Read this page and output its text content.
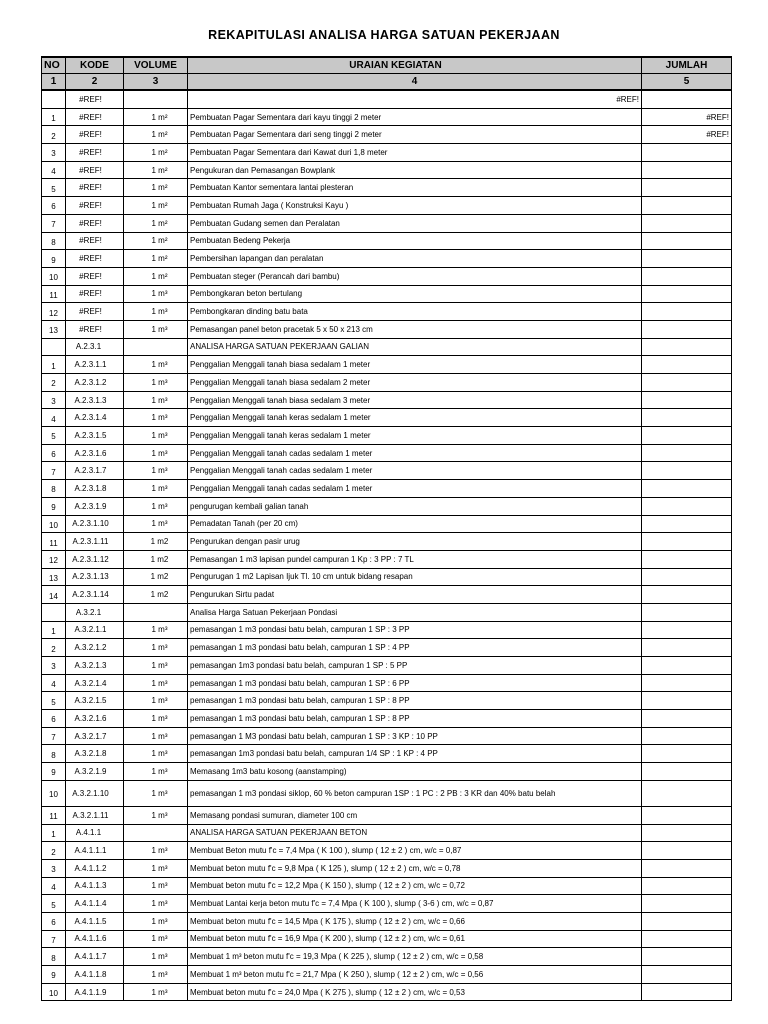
REKAPITULASI ANALISA HARGA SATUAN PEKERJAAN
NO	KODE	VOLUME	URAIAN KEGIATAN	JUMLAH
1	2	3	4	5
	#REF!		#REF!	
1	#REF!	1 m²	Pembuatan Pagar Sementara dari kayu tinggi 2 meter	#REF!
2	#REF!	1 m²	Pembuatan Pagar Sementara dari seng tinggi 2 meter	#REF!
3	#REF!	1 m²	Pembuatan Pagar Sementara dari Kawat duri 1,8 meter	
4	#REF!	1 m²	Pengukuran dan Pemasangan Bowplank	
5	#REF!	1 m²	Pembuatan Kantor sementara lantai plesteran	
6	#REF!	1 m²	Pembuatan Rumah Jaga ( Konstruksi Kayu )	
7	#REF!	1 m²	Pembuatan Gudang semen dan Peralatan	
8	#REF!	1 m²	Pembuatan Bedeng Pekerja	
9	#REF!	1 m²	Pembersihan lapangan dan peralatan	
10	#REF!	1 m²	Pembuatan steger (Perancah dari bambu)	
11	#REF!	1 m³	Pembongkaran beton bertulang	
12	#REF!	1 m³	Pembongkaran dinding batu bata	
13	#REF!	1 m³	Pemasangan panel beton pracetak 5 x 50 x 213 cm	
	A.2.3.1		ANALISA HARGA SATUAN PEKERJAAN GALIAN	
1	A.2.3.1.1	1 m³	Penggalian Menggali tanah biasa sedalam 1 meter	
2	A.2.3.1.2	1 m³	Penggalian Menggali tanah biasa sedalam 2 meter	
3	A.2.3.1.3	1 m³	Penggalian Menggali tanah biasa sedalam 3 meter	
4	A.2.3.1.4	1 m³	Penggalian Menggali tanah keras sedalam 1 meter	
5	A.2.3.1.5	1 m³	Penggalian Menggali tanah keras sedalam 1 meter	
6	A.2.3.1.6	1 m³	Penggalian Menggali tanah cadas sedalam 1 meter	
7	A.2.3.1.7	1 m³	Penggalian Menggali tanah cadas sedalam 1 meter	
8	A.2.3.1.8	1 m³	Penggalian Menggali tanah cadas sedalam 1 meter	
9	A.2.3.1.9	1 m³	pengurugan kembali galian tanah	
10	A.2.3.1.10	1 m³	Pemadatan Tanah (per 20 cm)	
11	A.2.3.1.11	1 m2	Pengurukan dengan pasir urug	
12	A.2.3.1.12	1 m2	Pemasangan 1 m3 lapisan pundel campuran 1 Kp : 3 PP : 7 TL	
13	A.2.3.1.13	1 m2	Pengurugan 1 m2 Lapisan Ijuk Tl. 10 cm untuk bidang resapan	
14	A.2.3.1.14	1 m2	Pengurukan Sirtu padat	
	A.3.2.1		Analisa Harga Satuan Pekerjaan Pondasi	
1	A.3.2.1.1	1 m³	pemasangan 1 m3 pondasi batu belah, campuran 1 SP : 3 PP	
2	A.3.2.1.2	1 m³	pemasangan 1 m3 pondasi batu belah, campuran 1 SP : 4 PP	
3	A.3.2.1.3	1 m³	pemasangan 1m3 pondasi batu belah, campuran 1 SP : 5 PP	
4	A.3.2.1.4	1 m³	pemasangan 1 m3 pondasi batu belah, campuran 1 SP : 6 PP	
5	A.3.2.1.5	1 m³	pemasangan 1 m3 pondasi batu belah, campuran 1 SP : 8 PP	
6	A.3.2.1.6	1 m³	pemasangan 1 m3 pondasi batu belah, campuran 1 SP : 8 PP	
7	A.3.2.1.7	1 m³	pemasangan 1 M3 pondasi batu belah, campuran 1 SP : 3 KP : 10 PP	
8	A.3.2.1.8	1 m³	pemasangan 1m3 pondasi batu belah, campuran 1/4 SP : 1 KP : 4 PP	
9	A.3.2.1.9	1 m³	Memasang 1m3 batu kosong (aanstamping)	
10	A.3.2.1.10	1 m³	pemasangan 1 m3 pondasi siklop, 60 % beton campuran 1SP : 1 PC : 2 PB : 3 KR dan 40% batu belah	
11	A.3.2.1.11	1 m³	Memasang pondasi sumuran, diameter 100 cm	
1	A.4.1.1		ANALISA HARGA SATUAN PEKERJAAN BETON	
2	A.4.1.1.1	1 m³	Membuat Beton mutu f'c = 7,4 Mpa ( K 100 ), slump ( 12 ± 2 ) cm, w/c = 0,87	
3	A.4.1.1.2	1 m³	Membuat beton mutu f'c = 9,8 Mpa ( K 125 ), slump ( 12 ± 2 ) cm, w/c = 0,78	
4	A.4.1.1.3	1 m³	Membuat beton mutu f'c = 12,2 Mpa ( K 150 ), slump ( 12 ± 2 ) cm, w/c = 0,72	
5	A.4.1.1.4	1 m³	Membuat Lantai kerja beton mutu f'c = 7,4 Mpa ( K 100 ), slump ( 3-6 ) cm, w/c = 0,87	
6	A.4.1.1.5	1 m³	Membuat beton mutu f'c = 14,5 Mpa ( K 175 ), slump ( 12 ± 2 ) cm, w/c = 0,66	
7	A.4.1.1.6	1 m³	Membuat beton mutu f'c = 16,9 Mpa ( K 200 ), slump ( 12 ± 2 ) cm, w/c = 0,61	
8	A.4.1.1.7	1 m³	Membuat 1 m³ beton mutu f'c = 19,3 Mpa ( K 225 ), slump ( 12 ± 2 ) cm, w/c = 0,58	
9	A.4.1.1.8	1 m³	Membuat 1 m³ beton mutu f'c = 21,7 Mpa ( K 250 ), slump ( 12 ± 2 ) cm, w/c = 0,56	
10	A.4.1.1.9	1 m³	Membuat beton mutu f'c = 24,0 Mpa ( K 275 ), slump ( 12 ± 2 ) cm, w/c = 0,53	
